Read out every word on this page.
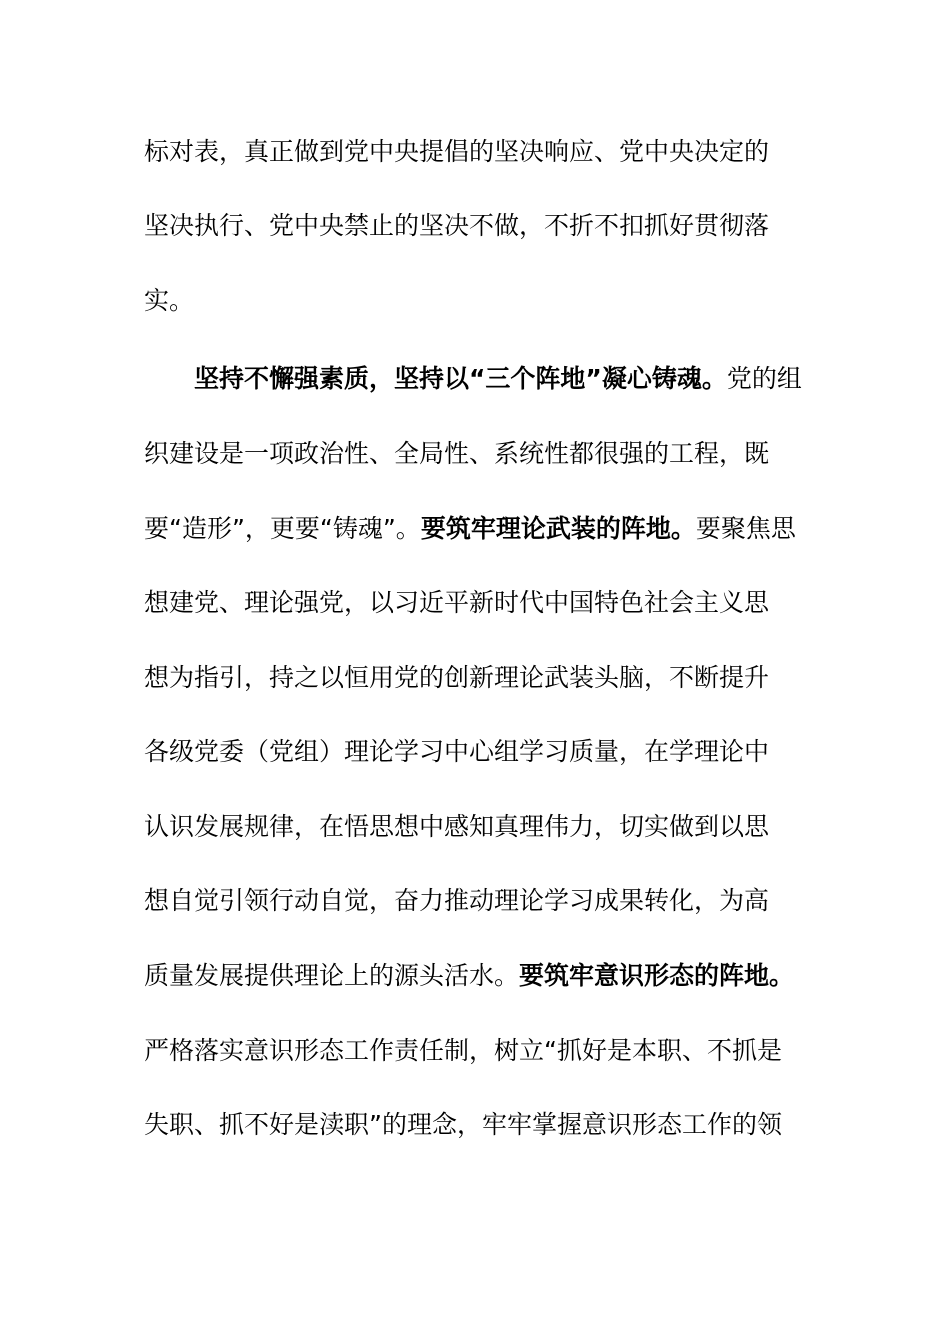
标对表，真正做到党中央提倡的坚决响应、党中央决定的
坚决执行、党中央禁止的坚决不做，不折不扣抓好贯彻落
实。
坚持不懈强素质，坚持以“三个阵地”凝心铸魂。党的组
织建设是一项政治性、全局性、系统性都很强的工程，既
要“造形”，更要“铸魂”。要筑牢理论武装的阵地。要聚焦思
想建党、理论强党，以习近平新时代中国特色社会主义思
想为指引，持之以恒用党的创新理论武装头脑，不断提升
各级党委（党组）理论学习中心组学习质量，在学理论中
认识发展规律，在悟思想中感知真理伟力，切实做到以思
想自觉引领行动自觉，奋力推动理论学习成果转化，为高
质量发展提供理论上的源头活水。要筑牢意识形态的阵地。
严格落实意识形态工作责任制，树立“抓好是本职、不抓是
失职、抓不好是渎职”的理念，牢牢掌握意识形态工作的领
